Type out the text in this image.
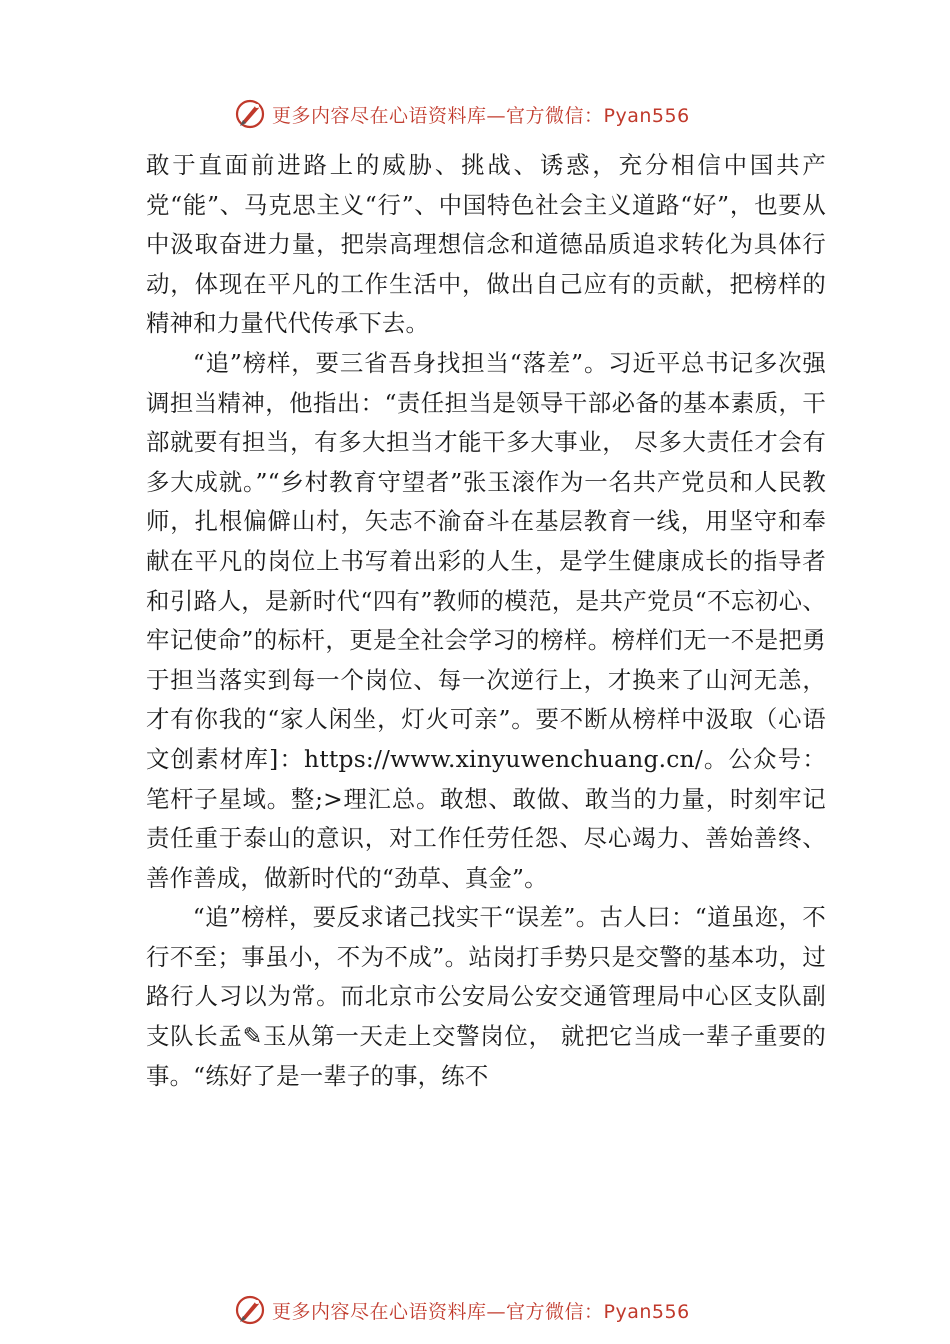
更多内容尽在心语资料库—官方微信：Pyan556

敢于直面前进路上的威胁、挑战、诱惑，充分相信中国共产党“能”、马克思主义“行”、中国特色社会主义道路“好”，也要从中汲取奋进力量，把崇高理想信念和道德品质追求转化为具体行动，体现在平凡的工作生活中，做出自己应有的贡献，把榜样的精神和力量代代传承下去。

“追”榜样，要三省吾身找担当“落差”。习近平总书记多次强调担当精神，他指出：“责任担当是领导干部必备的基本素质，干部就要有担当，有多大担当才能干多大事业， 尽多大责任才会有多大成就。”“乡村教育守望者”张玉滚作为一名共产党员和人民教师，扎根偏僻山村，矢志不渝奋斗在基层教育一线，用坚守和奉献在平凡的岗位上书写着出彩的人生，是学生健康成长的指导者和引路人，是新时代“四有”教师的模范，是共产党员“不忘初心、牢记使命”的标杆，更是全社会学习的榜样。榜样们无一不是把勇于担当落实到每一个岗位、每一次逆行上，才换来了山河无恙，才有你我的“家人闲坐，灯火可亲”。要不断从榜样中汲取（心语文创素材库]：https://www.xinyuwenchuang.cn/。公众号：笔杆子星域。整;>理汇总。敢想、敢做、敢当的力量，时刻牢记责任重于泰山的意识，对工作任劳任怨、尽心竭力、善始善终、善作善成，做新时代的“劲草、真金”。

“追”榜样，要反求诸己找实干“误差”。古人曰：“道虽迩，不行不至；事虽小，不为不成”。站岗打手势只是交警的基本功，过路行人习以为常。而北京市公安局公安交通管理局中心区支队副支队长孟✎玉从第一天走上交警岗位， 就把它当成一辈子重要的事。“练好了是一辈子的事，练不

更多内容尽在心语资料库—官方微信：Pyan556
